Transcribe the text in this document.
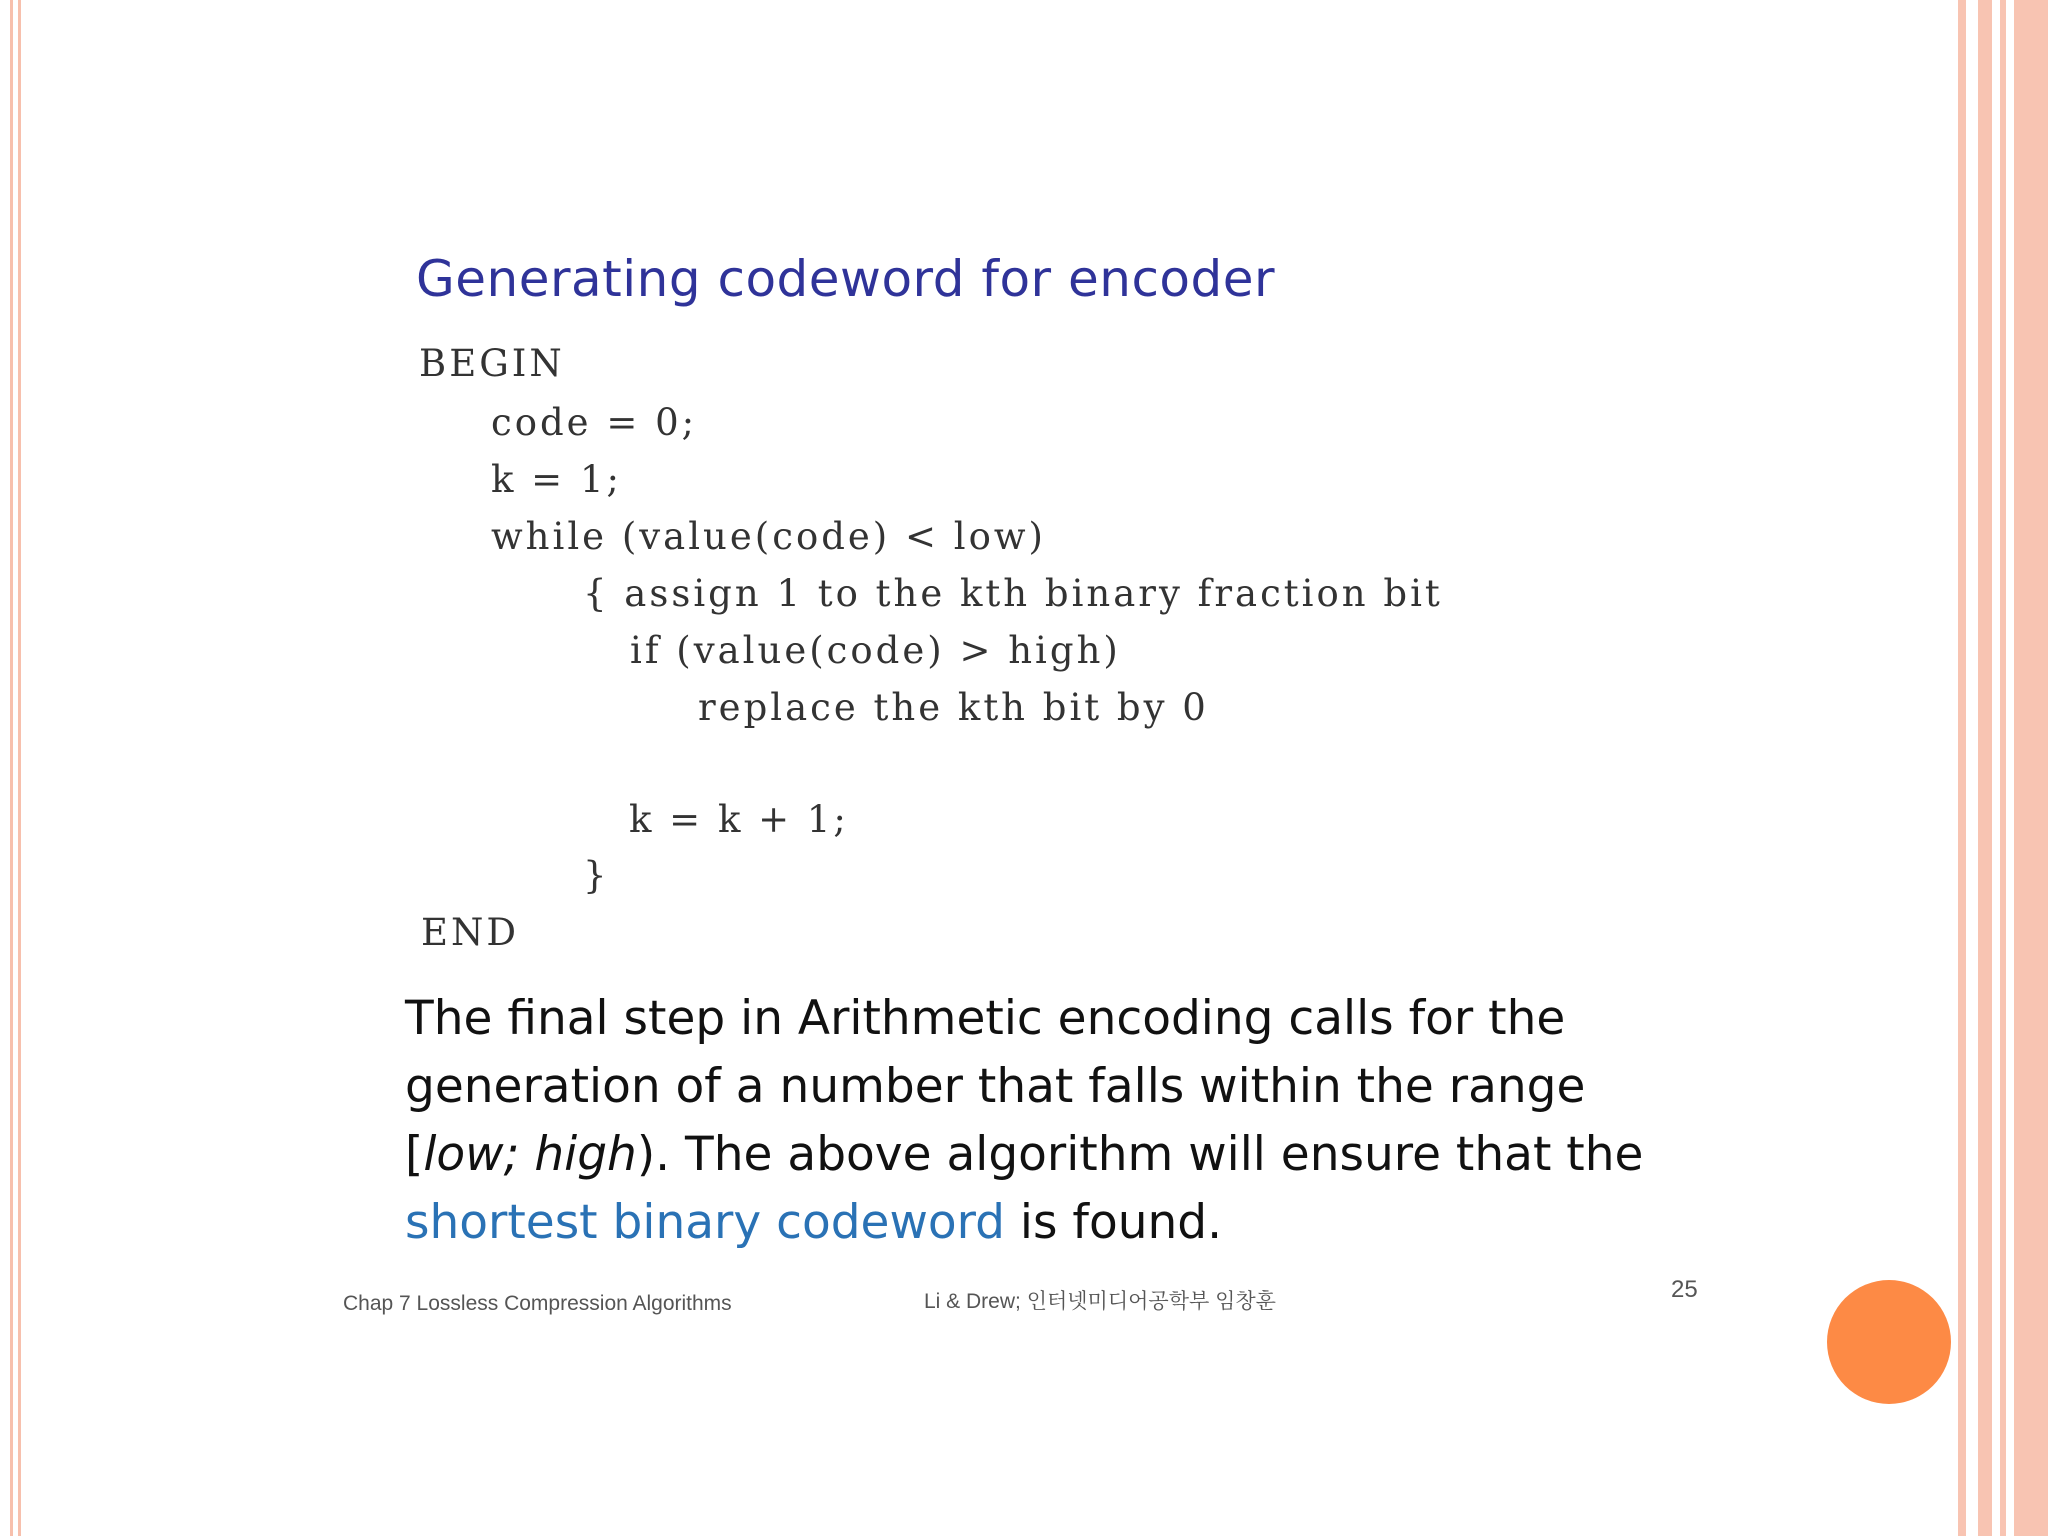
Generating codeword for encoder
BEGIN
code = 0;
k = 1;
while (value(code) < low)
{ assign 1 to the kth binary fraction bit
if (value(code) > high)
replace the kth bit by 0
k = k + 1;
}
END
The final step in Arithmetic encoding calls for the
generation of a number that falls within the range
[low; high). The above algorithm will ensure that the
shortest binary codeword is found.
Chap 7 Lossless Compression Algorithms	Li & Drew; 인터넷미디어공학부 임창훈	25
